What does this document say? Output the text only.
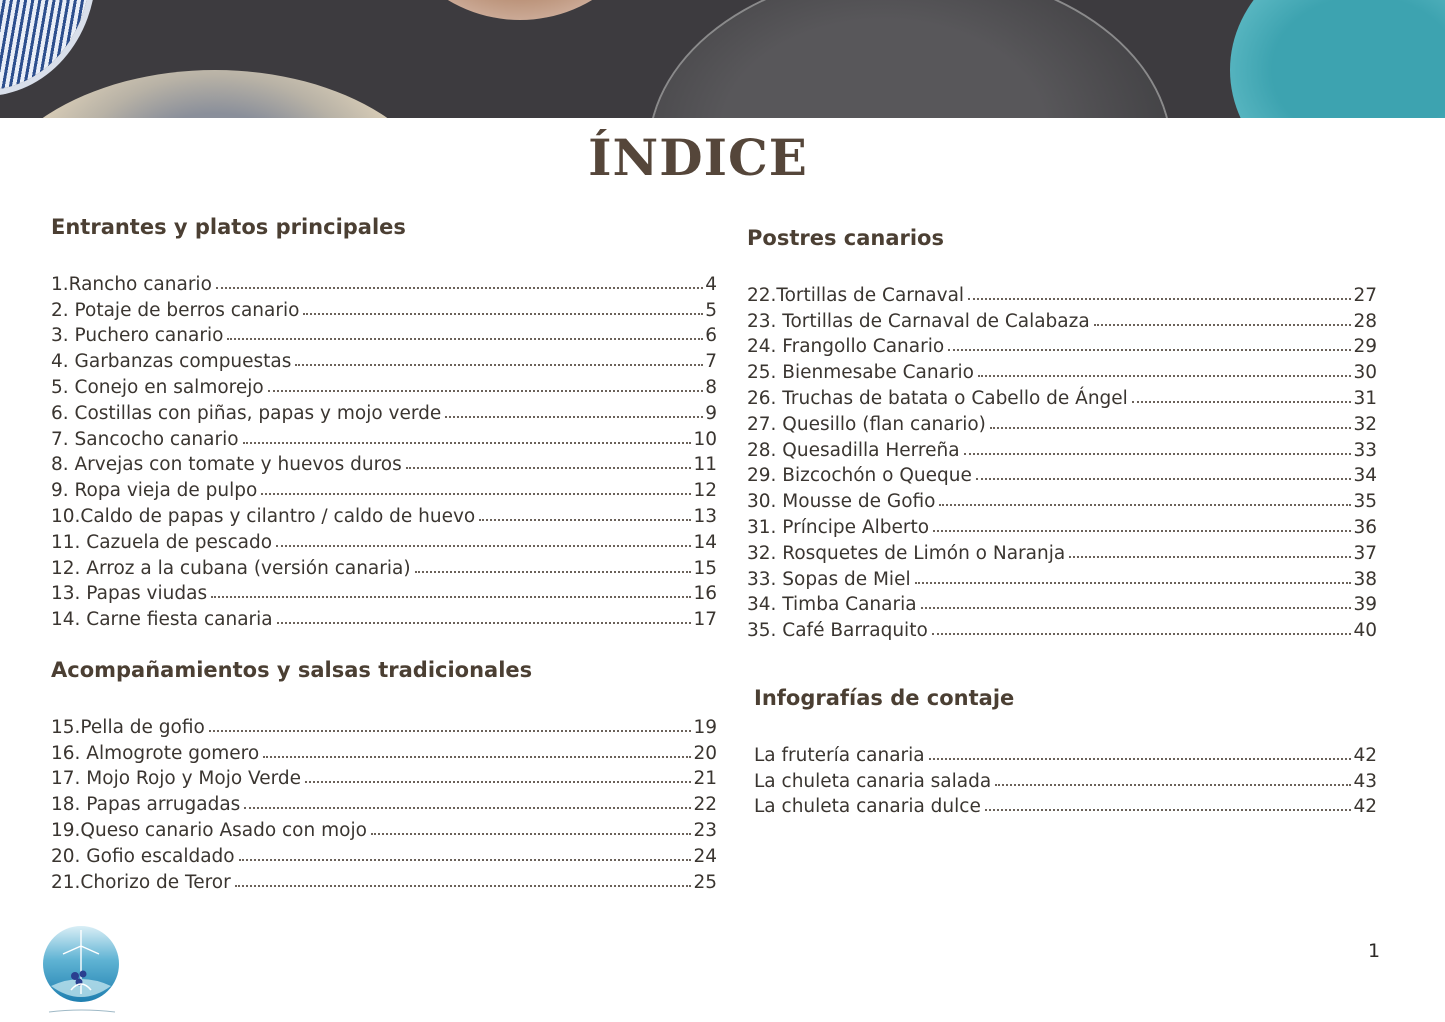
ÍNDICE
Entrantes y platos principales
1.Rancho canario	4
2. Potaje de berros canario	5
3. Puchero canario	6
4. Garbanzas compuestas	7
5. Conejo en salmorejo	8
6. Costillas con piñas, papas y mojo verde	9
7. Sancocho canario	10
8. Arvejas con tomate y huevos duros	11
9. Ropa vieja de pulpo	12
10.Caldo de papas y cilantro / caldo de huevo	13
11. Cazuela de pescado	14
12. Arroz a la cubana (versión canaria)	15
13. Papas viudas	16
14. Carne fiesta canaria	17
Acompañamientos y salsas tradicionales
15.Pella de gofio	19
16. Almogrote gomero	20
17. Mojo Rojo y Mojo Verde	21
18. Papas arrugadas	22
19.Queso canario Asado con mojo	23
20. Gofio escaldado	24
21.Chorizo de Teror	25
Postres canarios
22.Tortillas de Carnaval	27
23. Tortillas de Carnaval de Calabaza	28
24. Frangollo Canario	29
25. Bienmesabe Canario	30
26. Truchas de batata o Cabello de Ángel	31
27. Quesillo (flan canario)	32
28. Quesadilla Herreña	33
29. Bizcochón o Queque	34
30. Mousse de Gofio	35
31. Príncipe Alberto	36
32. Rosquetes de Limón o Naranja	37
33. Sopas de Miel	38
34. Timba Canaria	39
35. Café Barraquito	40
Infografías de contaje
La frutería canaria	42
La chuleta canaria salada	43
La chuleta canaria dulce	42
1
